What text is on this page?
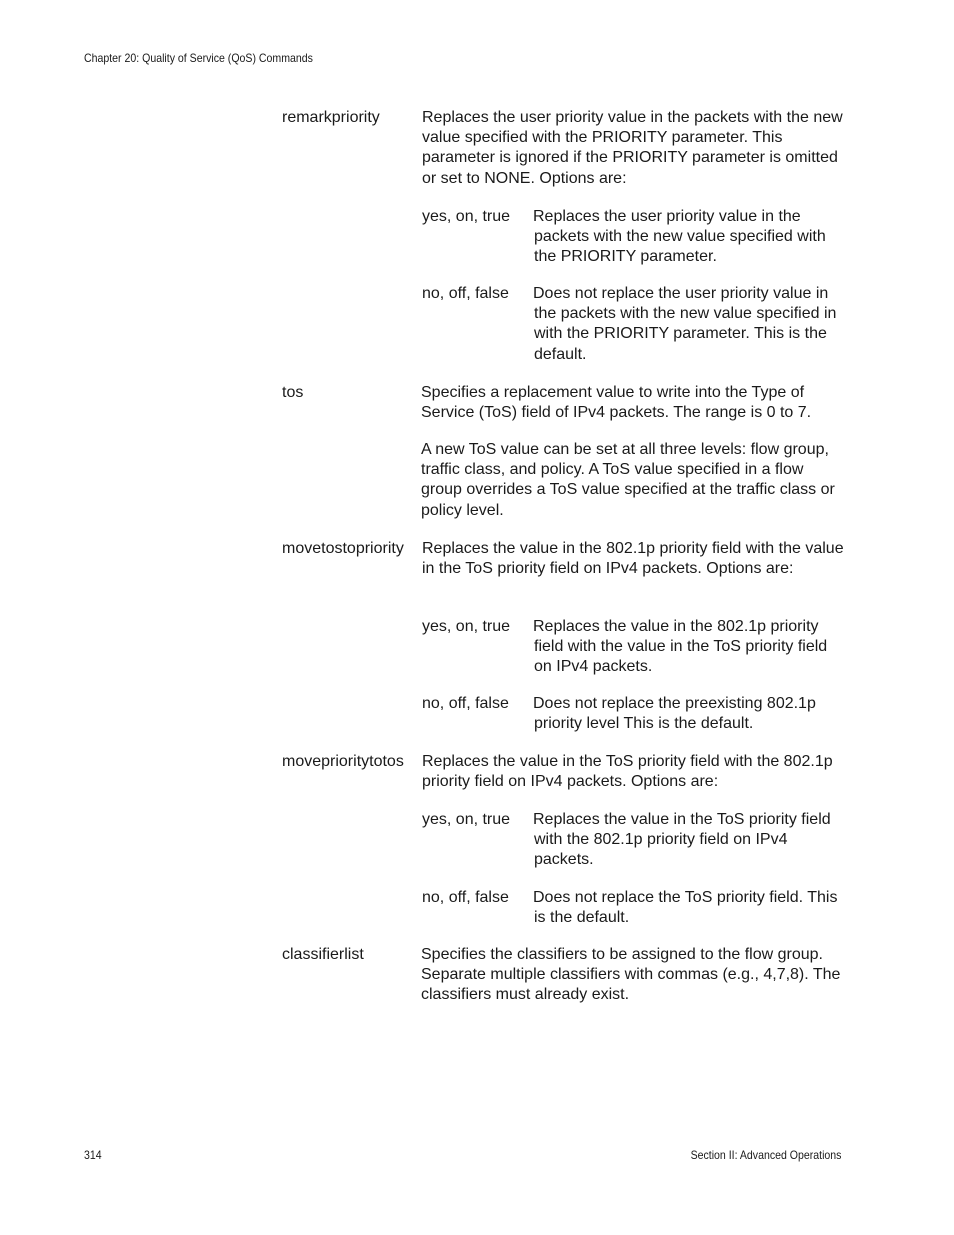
Chapter 20: Quality of Service (QoS) Commands
remarkpriority	Replaces the user priority value in the packets with the new value specified with the PRIORITY parameter. This parameter is ignored if the PRIORITY parameter is omitted or set to NONE. Options are:
yes, on, true Replaces the user priority value in the packets with the new value specified with the PRIORITY parameter.
no, off, false Does not replace the user priority value in the packets with the new value specified in with the PRIORITY parameter. This is the default.
tos	Specifies a replacement value to write into the Type of Service (ToS) field of IPv4 packets. The range is 0 to 7.
A new ToS value can be set at all three levels: flow group, traffic class, and policy. A ToS value specified in a flow group overrides a ToS value specified at the traffic class or policy level.
movetostopriority Replaces the value in the 802.1p priority field with the value in the ToS priority field on IPv4 packets. Options are:
yes, on, true Replaces the value in the 802.1p priority field with the value in the ToS priority field on IPv4 packets.
no, off, false Does not replace the preexisting 802.1p priority level This is the default.
moveprioritytotos Replaces the value in the ToS priority field with the 802.1p priority field on IPv4 packets. Options are:
yes, on, true Replaces the value in the ToS priority field with the 802.1p priority field on IPv4 packets.
no, off, false Does not replace the ToS priority field. This is the default.
classifierlist	Specifies the classifiers to be assigned to the flow group. Separate multiple classifiers with commas (e.g., 4,7,8). The classifiers must already exist.
314	Section II: Advanced Operations
